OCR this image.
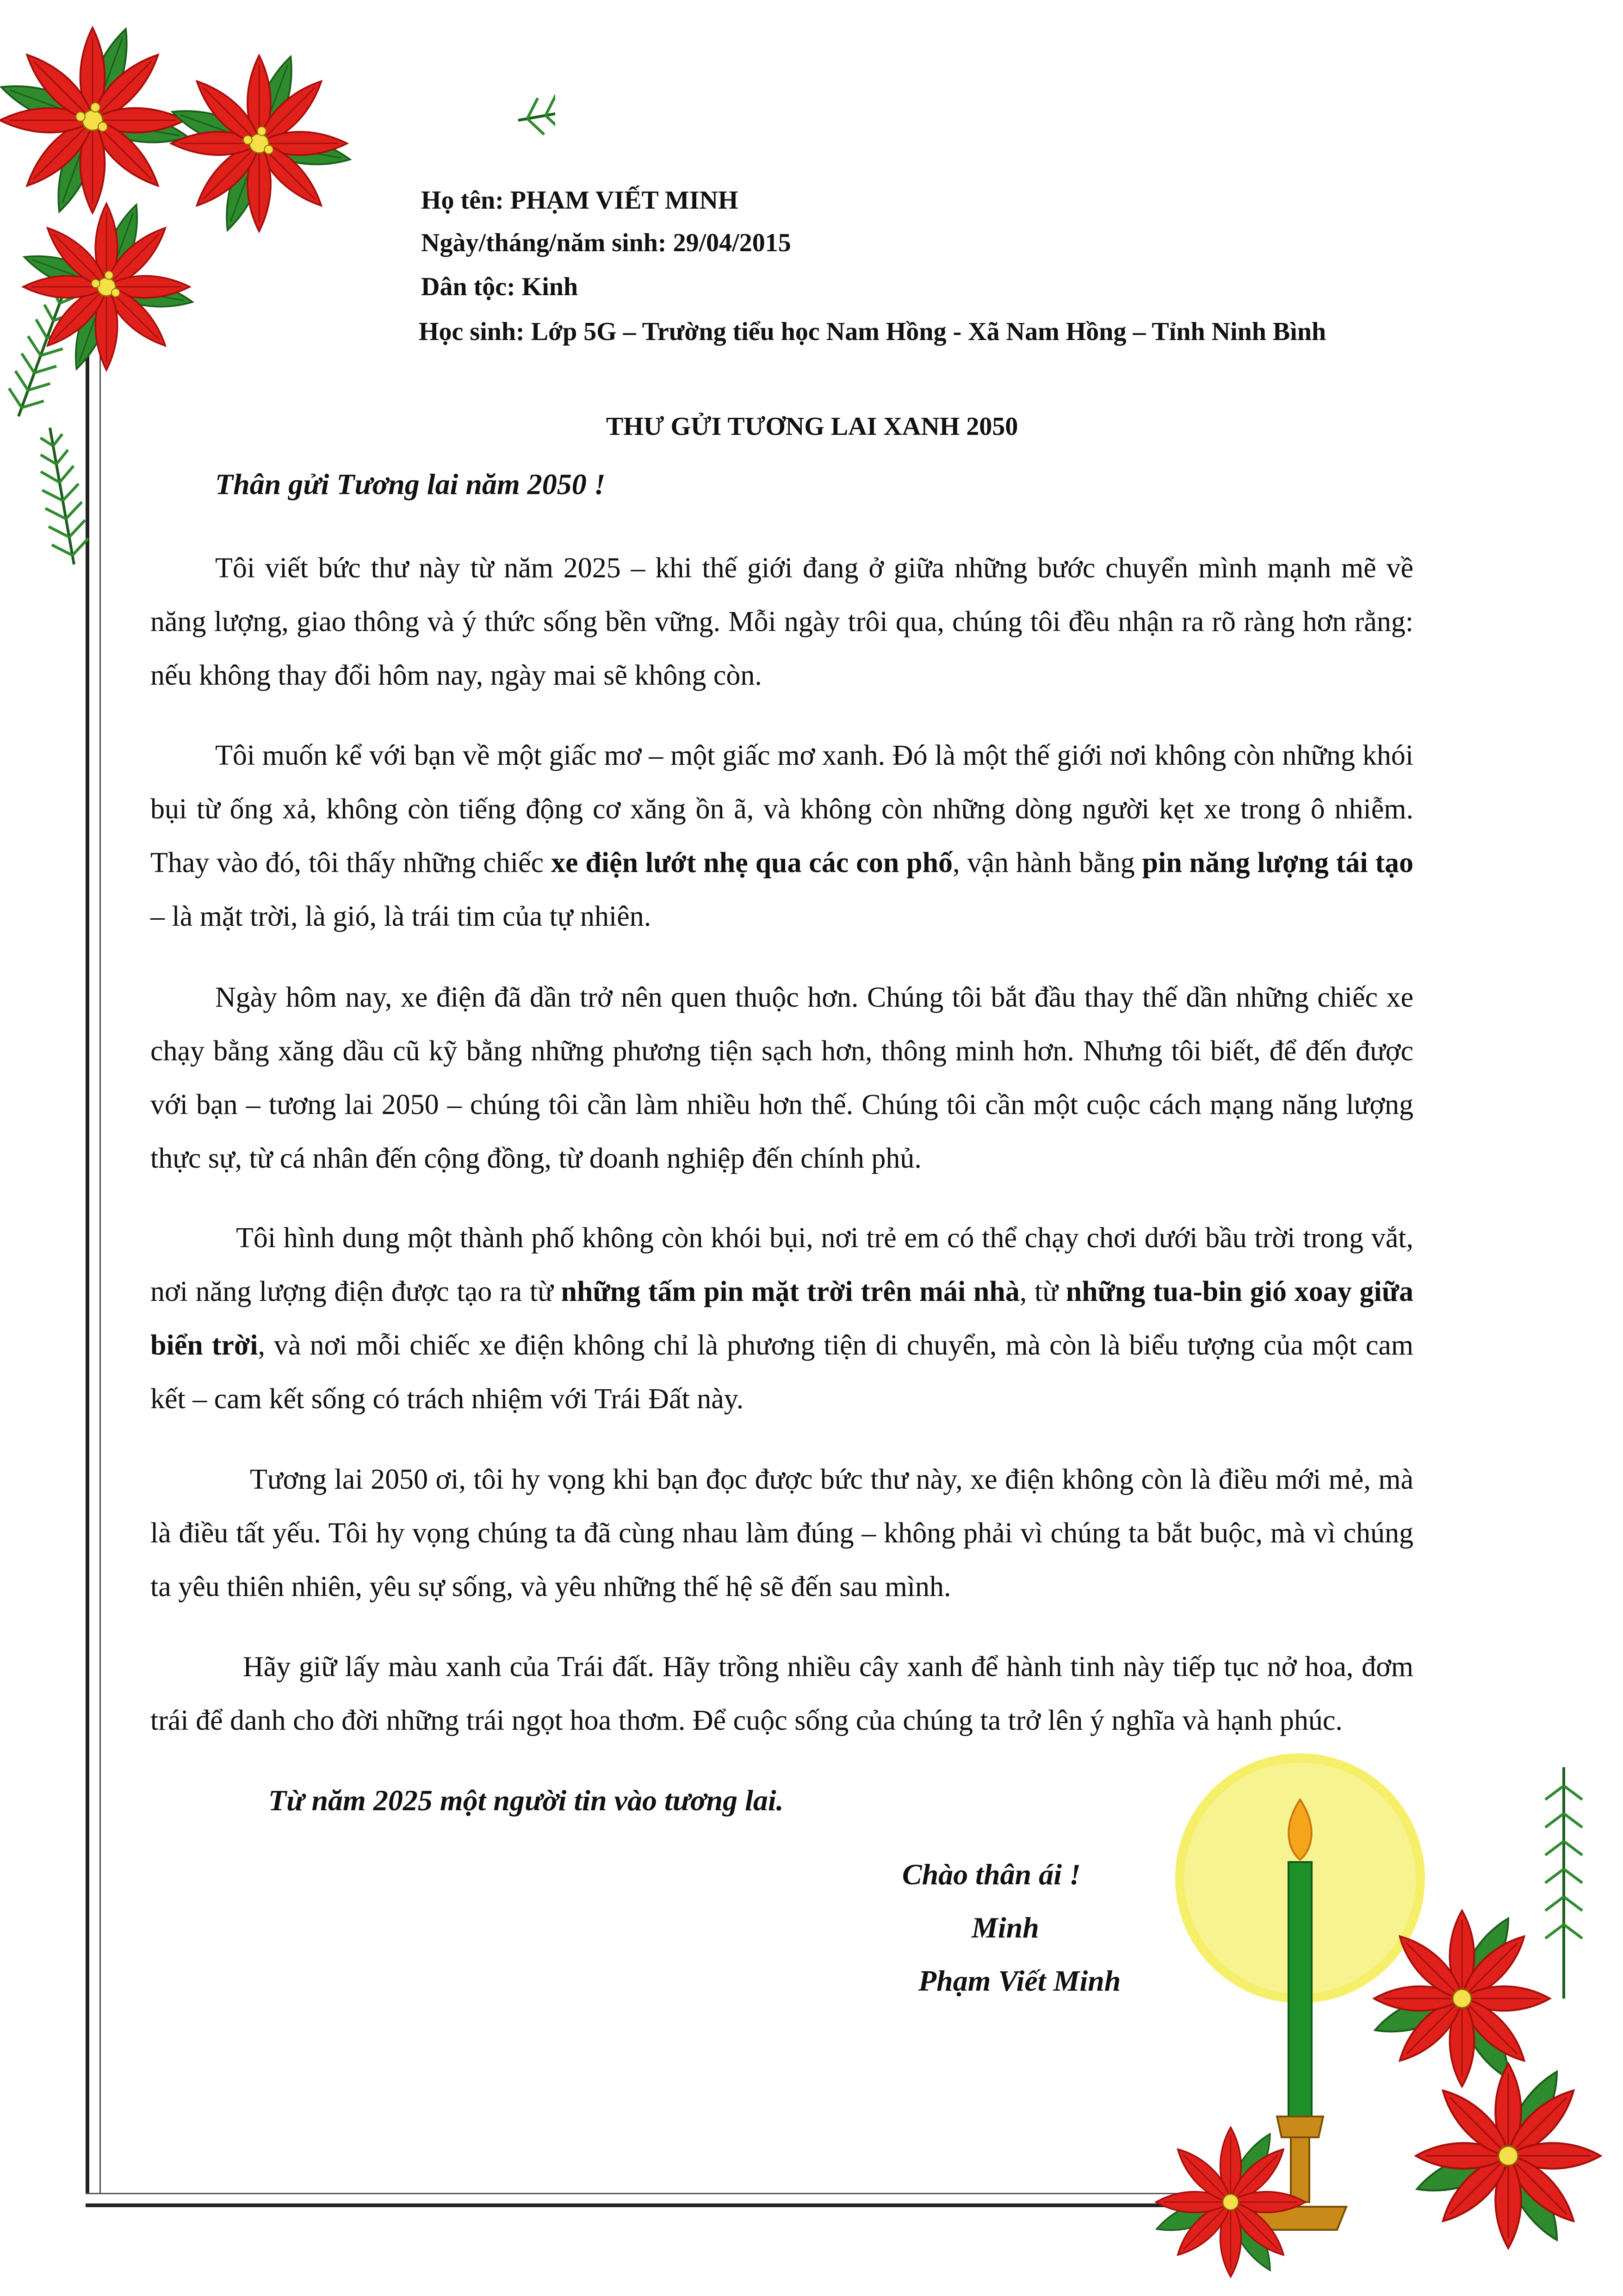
Họ tên: PHẠM VIẾT MINH
Ngày/tháng/năm sinh: 29/04/2015
Dân tộc: Kinh
Học sinh: Lớp 5G – Trường tiểu học Nam Hồng - Xã Nam Hồng – Tỉnh Ninh Bình
THƯ GỬI TƯƠNG LAI XANH 2050
Thân gửi Tương lai năm 2050 !

Tôi viết bức thư này từ năm 2025 – khi thế giới đang ở giữa những bước chuyển mình mạnh mẽ về năng lượng, giao thông và ý thức sống bền vững. Mỗi ngày trôi qua, chúng tôi đều nhận ra rõ ràng hơn rằng: nếu không thay đổi hôm nay, ngày mai sẽ không còn.

Tôi muốn kể với bạn về một giấc mơ – một giấc mơ xanh. Đó là một thế giới nơi không còn những khói bụi từ ống xả, không còn tiếng động cơ xăng ồn ã, và không còn những dòng người kẹt xe trong ô nhiễm. Thay vào đó, tôi thấy những chiếc xe điện lướt nhẹ qua các con phố, vận hành bằng pin năng lượng tái tạo – là mặt trời, là gió, là trái tim của tự nhiên.

Ngày hôm nay, xe điện đã dần trở nên quen thuộc hơn. Chúng tôi bắt đầu thay thế dần những chiếc xe chạy bằng xăng dầu cũ kỹ bằng những phương tiện sạch hơn, thông minh hơn. Nhưng tôi biết, để đến được với bạn – tương lai 2050 – chúng tôi cần làm nhiều hơn thế. Chúng tôi cần một cuộc cách mạng năng lượng thực sự, từ cá nhân đến cộng đồng, từ doanh nghiệp đến chính phủ.

Tôi hình dung một thành phố không còn khói bụi, nơi trẻ em có thể chạy chơi dưới bầu trời trong vắt, nơi năng lượng điện được tạo ra từ những tấm pin mặt trời trên mái nhà, từ những tua-bin gió xoay giữa biển trời, và nơi mỗi chiếc xe điện không chỉ là phương tiện di chuyển, mà còn là biểu tượng của một cam kết – cam kết sống có trách nhiệm với Trái Đất này.

Tương lai 2050 ơi, tôi hy vọng khi bạn đọc được bức thư này, xe điện không còn là điều mới mẻ, mà là điều tất yếu. Tôi hy vọng chúng ta đã cùng nhau làm đúng – không phải vì chúng ta bắt buộc, mà vì chúng ta yêu thiên nhiên, yêu sự sống, và yêu những thế hệ sẽ đến sau mình.

Hãy giữ lấy màu xanh của Trái đất. Hãy trồng nhiều cây xanh để hành tinh này tiếp tục nở hoa, đơm trái để danh cho đời những trái ngọt hoa thơm. Để cuộc sống của chúng ta trở lên ý nghĩa và hạnh phúc.

Từ năm 2025 một người tin vào tương lai.
Chào thân ái !
Minh
Phạm Viết Minh
